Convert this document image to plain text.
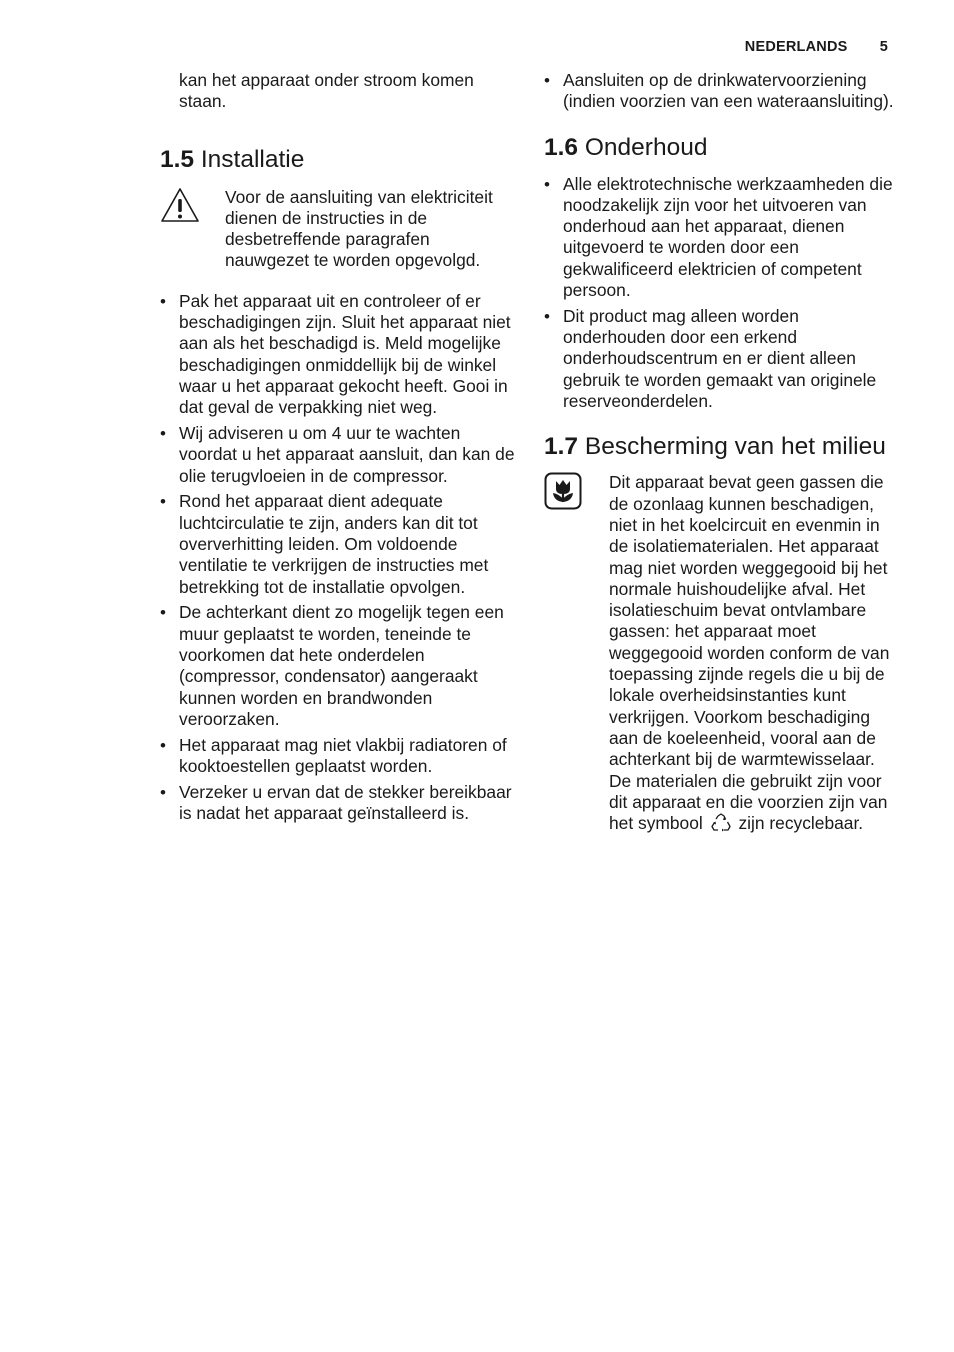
NEDERLANDS 5

kan het apparaat onder stroom komen staan.

1.5 Installatie

Voor de aansluiting van elektriciteit dienen de instructies in de desbetreffende paragrafen nauwgezet te worden opgevolgd.

• Pak het apparaat uit en controleer of er beschadigingen zijn. Sluit het apparaat niet aan als het beschadigd is. Meld mogelijke beschadigingen onmiddellijk bij de winkel waar u het apparaat gekocht heeft. Gooi in dat geval de verpakking niet weg.
• Wij adviseren u om 4 uur te wachten voordat u het apparaat aansluit, dan kan de olie terugvloeien in de compressor.
• Rond het apparaat dient adequate luchtcirculatie te zijn, anders kan dit tot oververhitting leiden. Om voldoende ventilatie te verkrijgen de instructies met betrekking tot de installatie opvolgen.
• De achterkant dient zo mogelijk tegen een muur geplaatst te worden, teneinde te voorkomen dat hete onderdelen (compressor, condensator) aangeraakt kunnen worden en brandwonden veroorzaken.
• Het apparaat mag niet vlakbij radiatoren of kooktoestellen geplaatst worden.
• Verzeker u ervan dat de stekker bereikbaar is nadat het apparaat geïnstalleerd is.
• Aansluiten op de drinkwatervoorziening (indien voorzien van een wateraansluiting).
1.6 Onderhoud
• Alle elektrotechnische werkzaamheden die noodzakelijk zijn voor het uitvoeren van onderhoud aan het apparaat, dienen uitgevoerd te worden door een gekwalificeerd elektricien of competent persoon.
• Dit product mag alleen worden onderhouden door een erkend onderhoudscentrum en er dient alleen gebruik te worden gemaakt van originele reserveonderdelen.
1.7 Bescherming van het milieu

Dit apparaat bevat geen gassen die de ozonlaag kunnen beschadigen, niet in het koelcircuit en evenmin in de isolatiematerialen. Het apparaat mag niet worden weggegooid bij het normale huishoudelijke afval. Het isolatieschuim bevat ontvlambare gassen: het apparaat moet weggegooid worden conform de van toepassing zijnde regels die u bij de lokale overheidsinstanties kunt verkrijgen. Voorkom beschadiging aan de koeleenheid, vooral aan de achterkant bij de warmtewisselaar. De materialen die gebruikt zijn voor dit apparaat en die voorzien zijn van het symbool zijn recyclebaar.
